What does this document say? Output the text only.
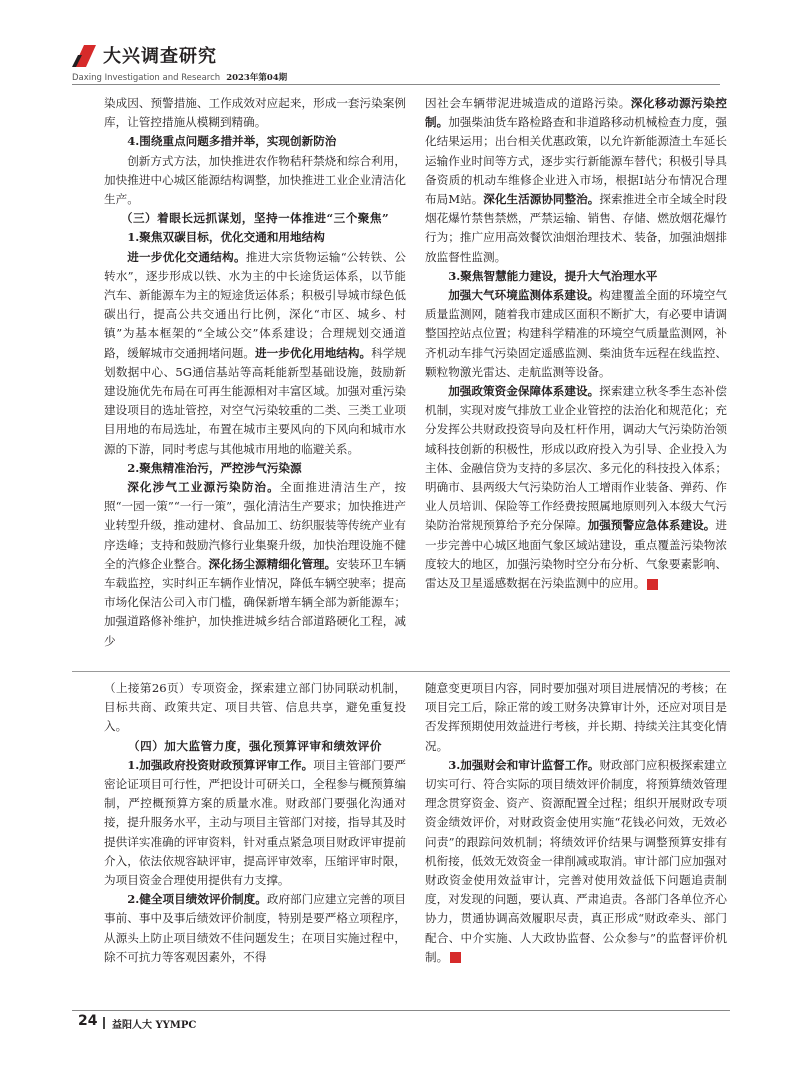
大兴调查研究
Daxing Investigation and Research 2023年第04期

染成因、预警措施、工作成效对应起来，形成一套污染案例库，让管控措施从模糊到精确。

4.围绕重点问题多措并举，实现创新防治

创新方式方法，加快推进农作物秸秆禁烧和综合利用，加快推进中心城区能源结构调整，加快推进工业企业清洁化生产。

（三）着眼长远抓谋划，坚持一体推进“三个聚焦”

1.聚焦双碳目标，优化交通和用地结构

进一步优化交通结构。推进大宗货物运输“公转铁、公转水”，逐步形成以铁、水为主的中长途货运体系，以节能汽车、新能源车为主的短途货运体系；积极引导城市绿色低碳出行，提高公共交通出行比例，深化“市区、城乡、村镇”为基本框架的“全域公交”体系建设；合理规划交通道路，缓解城市交通拥堵问题。进一步优化用地结构。科学规划数据中心、5G通信基站等高耗能新型基础设施，鼓励新建设施优先布局在可再生能源相对丰富区域。加强对重污染建设项目的选址管控，对空气污染较重的二类、三类工业项目用地的布局选址，布置在城市主要风向的下风向和城市水源的下游，同时考虑与其他城市用地的临避关系。

2.聚焦精准治污，严控涉气污染源

深化涉气工业源污染防治。全面推进清洁生产，按照“一园一策”“一行一策”，强化清洁生产要求；加快推进产业转型升级，推动建材、食品加工、纺织服装等传统产业有序迭峰；支持和鼓励汽修行业集聚升级，加快治理设施不健全的汽修企业整合。深化扬尘源精细化管理。安装环卫车辆车载监控，实时纠正车辆作业情况，降低车辆空驶率；提高市场化保洁公司入市门槛，确保新增车辆全部为新能源车；加强道路修补维护，加快推进城乡结合部道路硬化工程，减少

因社会车辆带泥进城造成的道路污染。深化移动源污染控制。加强柴油货车路检路查和非道路移动机械检查力度，强化结果运用；出台相关优惠政策，以允许新能源渣土车延长运输作业时间等方式，逐步实行新能源车替代；积极引导具备资质的机动车维修企业进入市场，根据I站分布情况合理布局M站。深化生活源协同整治。探索推进全市全域全时段烟花爆竹禁售禁燃，严禁运输、销售、存储、燃放烟花爆竹行为；推广应用高效餐饮油烟治理技术、装备，加强油烟排放监督性监测。

3.聚焦智慧能力建设，提升大气治理水平

加强大气环境监测体系建设。构建覆盖全面的环境空气质量监测网，随着我市建成区面积不断扩大，有必要申请调整国控站点位置；构建科学精准的环境空气质量监测网，补齐机动车排气污染固定遥感监测、柴油货车远程在线监控、颗粒物激光雷达、走航监测等设备。

加强政策资金保障体系建设。探索建立秋冬季生态补偿机制，实现对废气排放工业企业管控的法治化和规范化；充分发挥公共财政投资导向及杠杆作用，调动大气污染防治领域科技创新的积极性，形成以政府投入为引导、企业投入为主体、金融信贷为支持的多层次、多元化的科技投入体系；明确市、县两级大气污染防治人工增雨作业装备、弹药、作业人员培训、保险等工作经费按照属地原则列入本级大气污染防治常规预算给予充分保障。加强预警应急体系建设。进一步完善中心城区地面气象区域站建设，重点覆盖污染物浓度较大的地区，加强污染物时空分布分析、气象要素影响、雷达及卫星遥感数据在污染监测中的应用。	文

（上接第26页）专项资金，探索建立部门协同联动机制，目标共商、政策共定、项目共管、信息共享，避免重复投入。

（四）加大监管力度，强化预算评审和绩效评价

1.加强政府投资财政预算评审工作。项目主管部门要严密论证项目可行性，严把设计可研关口，全程参与概预算编制，严控概预算方案的质量水准。财政部门要强化沟通对接，提升服务水平，主动与项目主管部门对接，指导其及时提供详实准确的评审资料，针对重点紧急项目财政评审提前介入，依法依规容缺评审，提高评审效率，压缩评审时限，为项目资金合理使用提供有力支撑。

2.健全项目绩效评价制度。政府部门应建立完善的项目事前、事中及事后绩效评价制度，特别是要严格立项程序，从源头上防止项目绩效不佳问题发生；在项目实施过程中，除不可抗力等客观因素外，不得

随意变更项目内容，同时要加强对项目进展情况的考核；在项目完工后，除正常的竣工财务决算审计外，还应对项目是否发挥预期使用效益进行考核，并长期、持续关注其变化情况。

3.加强财会和审计监督工作。财政部门应积极探索建立切实可行、符合实际的项目绩效评价制度，将预算绩效管理理念贯穿资金、资产、资源配置全过程；组织开展财政专项资金绩效评价，对财政资金使用实施“花钱必问效，无效必问责”的跟踪问效机制；将绩效评价结果与调整预算安排有机衔接，低效无效资金一律削减或取消。审计部门应加强对财政资金使用效益审计，完善对使用效益低下问题追责制度，对发现的问题，要认真、严肃追责。各部门各单位齐心协力，贯通协调高效履职尽责，真正形成“财政牵头、部门配合、中介实施、人大政协监督、公众参与”的监督评价机制。	文

24 益阳人大 YYMPC
